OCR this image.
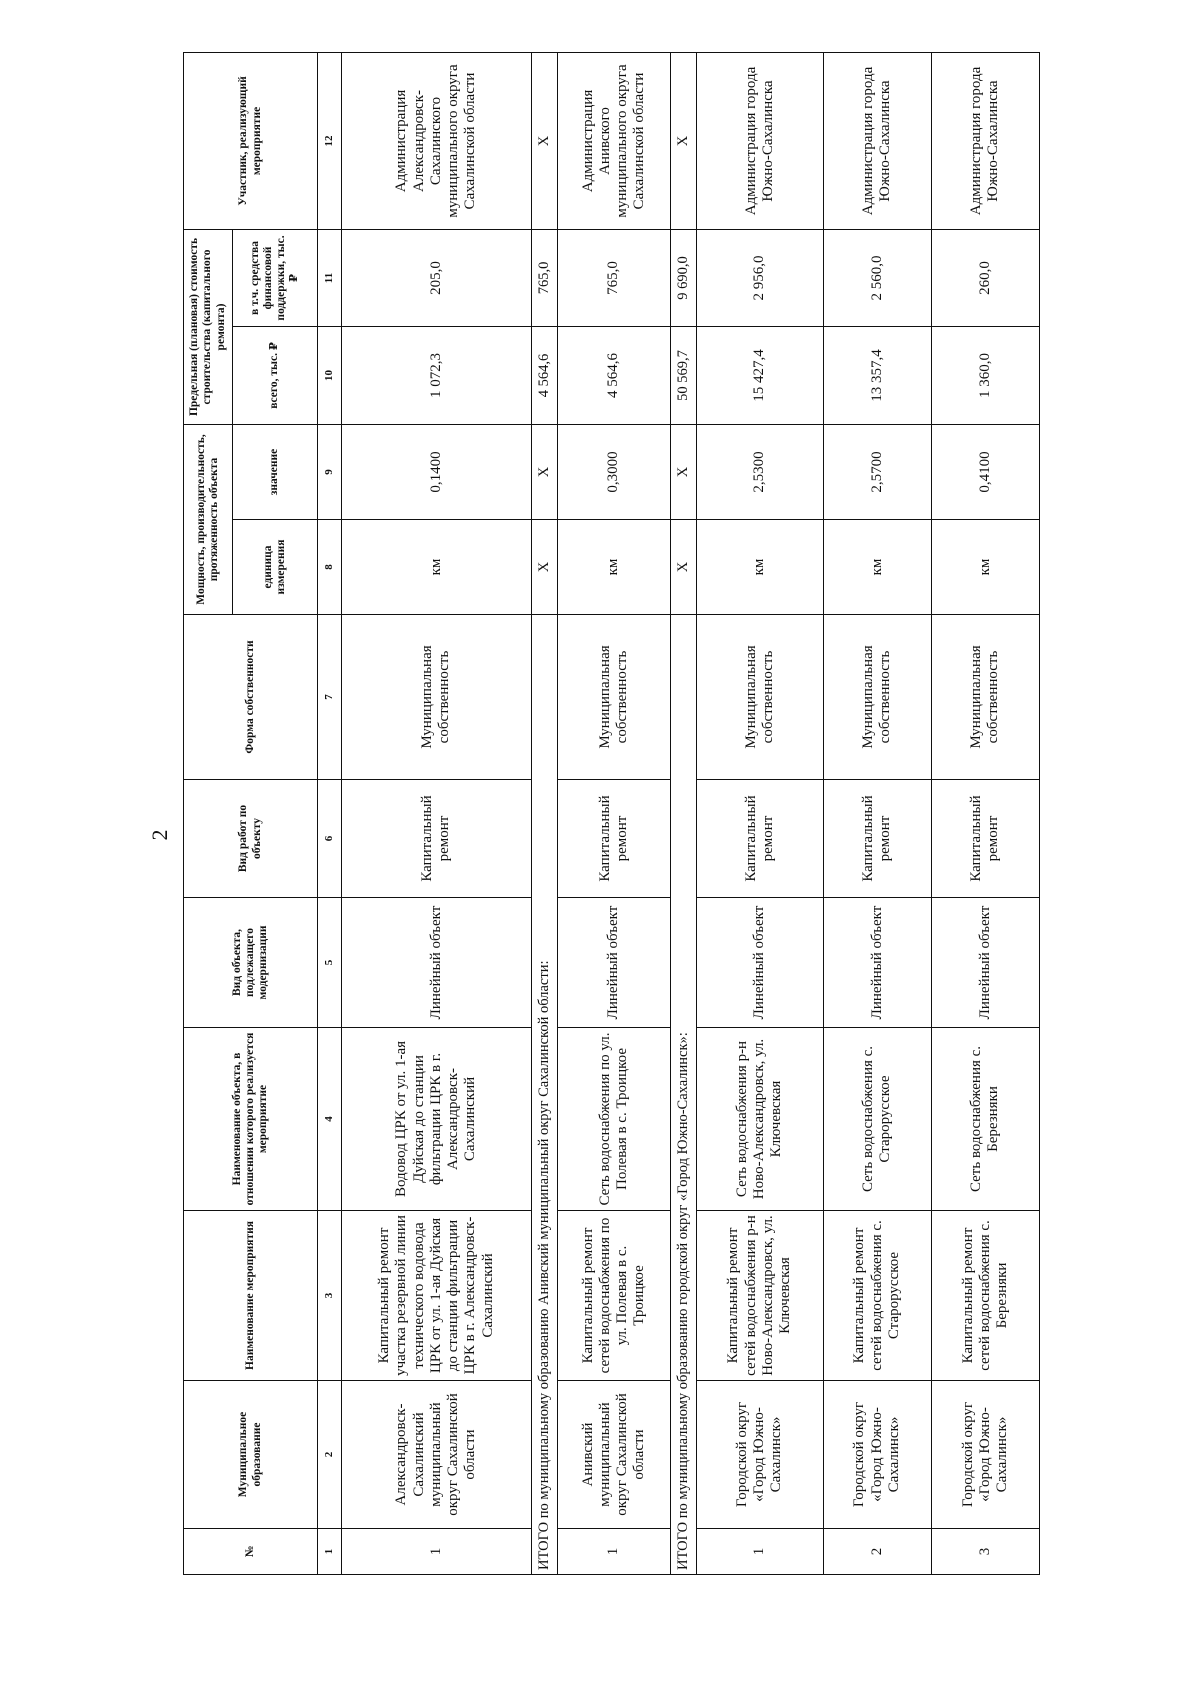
2
№	Муниципальное образование	Наименование мероприятия	Наименование объекта, в отношении которого реализуется мероприятие	Вид объекта, подлежащего модернизации	Вид работ по объекту	Форма собственности	Мощность, производительность, протяженность объекта		Предельная (плановая) стоимость строительства (капитального ремонта)		Участник, реализующий мероприятие
							единица измерения	значение	всего, тыс. ₽	в т.ч. средства финансовой поддержки, тыс. ₽	
1	2	3	4	5	6	7	8	9	10	11	12
1	Александровск-Сахалинский муниципальный округ Сахалинской области	Капитальный ремонт участка резервной линии технического водовода ЦРК от ул. 1-ая Дуйская до станции фильтрации ЦРК в г. Александровск-Сахалинский	Водовод ЦРК от ул. 1-ая Дуйская до станции фильтрации ЦРК в г. Александровск-Сахалинский	Линейный объект	Капитальный ремонт	Муниципальная собственность	км	0,1400	1 072,3	205,0	Администрация Александровск-Сахалинского муниципального округа Сахалинской области
ИТОГО по муниципальному образованию Анивский муниципальный округ Сахалинской области:							Х	Х	4 564,6	765,0	Х
1	Анивский муниципальный округ Сахалинской области	Капитальный ремонт сетей водоснабжения по ул. Полевая в с. Троицкое	Сеть водоснабжения по ул. Полевая в с. Троицкое	Линейный объект	Капитальный ремонт	Муниципальная собственность	км	0,3000	4 564,6	765,0	Администрация Анивского муниципального округа Сахалинской области
ИТОГО по муниципальному образованию городской округ «Город Южно-Сахалинск»:							Х	Х	50 569,7	9 690,0	Х
1	Городской округ «Город Южно-Сахалинск»	Капитальный ремонт сетей водоснабжения р-н Ново-Александровск, ул. Ключевская	Сеть водоснабжения р-н Ново-Александровск, ул. Ключевская	Линейный объект	Капитальный ремонт	Муниципальная собственность	км	2,5300	15 427,4	2 956,0	Администрация города Южно-Сахалинска
2	Городской округ «Город Южно-Сахалинск»	Капитальный ремонт сетей водоснабжения с. Старорусское	Сеть водоснабжения с. Старорусское	Линейный объект	Капитальный ремонт	Муниципальная собственность	км	2,5700	13 357,4	2 560,0	Администрация города Южно-Сахалинска
3	Городской округ «Город Южно-Сахалинск»	Капитальный ремонт сетей водоснабжения с. Березняки	Сеть водоснабжения с. Березняки	Линейный объект	Капитальный ремонт	Муниципальная собственность	км	0,4100	1 360,0	260,0	Администрация города Южно-Сахалинска
